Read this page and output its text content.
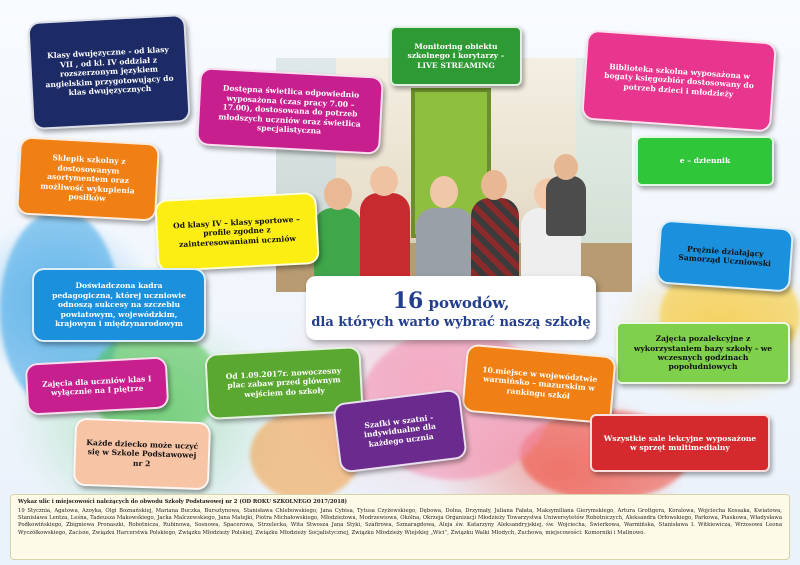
Klasy dwujęzyczne - od klasy VII , od kl. IV oddział z rozszerzonym językiem angielskim przygotowujący do klas dwujęzycznych	Dostępna świetlica odpowiednio wyposażona (czas pracy 7.00 – 17.00), dostosowana do potrzeb młodszych uczniów oraz świetlica specjalistyczna
Monitoring obiektu szkolnego i korytarzy – LIVE STREAMING	Biblioteka szkolna wyposażona w bogaty księgozbiór dostosowany do potrzeb dzieci i młodzieży
Sklepik szkolny z dostosowanym asortymentem oraz możliwość wykupienia posiłków
e – dziennik
Od klasy IV – klasy sportowe – profile zgodne z zainteresowaniami uczniów
Prężnie działający Samorząd Uczniowski
Doświadczona kadra pedagogiczna, której uczniowie odnoszą sukcesy na szczeblu powiatowym, wojewódzkim, krajowym i międzynarodowym
16 powodów,
dla których warto wybrać naszą szkołę
Zajęcia pozalekcyjne z wykorzystaniem bazy szkoły - we wczesnych godzinach popołudniowych
Od 1.09.2017r. nowoczesny plac zabaw przed głównym wejściem do szkoły
10.miejsce w województwie warmińsko – mazurskim w rankingu szkół
Zajęcia dla uczniów klas I wyłącznie na I piętrze
Szafki w szatni - indywidualne dla każdego ucznia	Wszystkie sale lekcyjne wyposażone w sprzęt multimedialny
Każde dziecko może uczyć się w Szkole Podstawowej nr 2
Wykaz ulic i miejscowości należących do obwodu Szkoły Podstawowej nr 2 (OD ROKU SZKOLNEGO 2017/2018)
19 Stycznia, Agatowa, Azoyka, Olgi Boznańskiej, Mariana Buczka, Bursztynowa, Stanisława Chlebowskiego, Jana Cybisa, Tytusa Czyżewskiego, Dębowa, Dolna, Drzymały, Juliana Fałata, Maksymiliana Gierymskiego, Artura Grottgera, Koralowa, Wojciecha Kossaka, Kwiatowa, Stanisława Lentza, Leśna, Tadeusza Makowskiego, Jacka Malczewskiego, Jana Matejki, Piotra Michałowskiego, Młodzieżowa, Modrzewiowa, Okólna, Okrzeja Organizacji Młodzieży Towarzystwa Uniwersytetów Robotniczych, Aleksandra Orłowskiego, Parkowa, Piaskowa, Władysława Podkowińskiego, Zbigniewa Pronaszki, Robotnicza, Rubinowa, Sosnowa, Spacerowa, Strzelecka, Wita Stwosza Jana Styki, Szafirowa, Szmaragdowa, Aleja św. Katarzyny Aleksandryjskiej, św. Wojciecha, Świerkowa, Warmińska, Stanisława I. Witkiewicza, Wrzosowa Leona Wyczółkowskiego, Zacisze, Związku Harcerstwa Polskiego, Związku Młodzieży Polskiej, Związku Młodzieży Socjalistycznej, Związku Młodzieży Wiejskiej „Wici”, Związku Walki Młodych, Zuchowa, miejscowości: Komorniki i Malinowo.
